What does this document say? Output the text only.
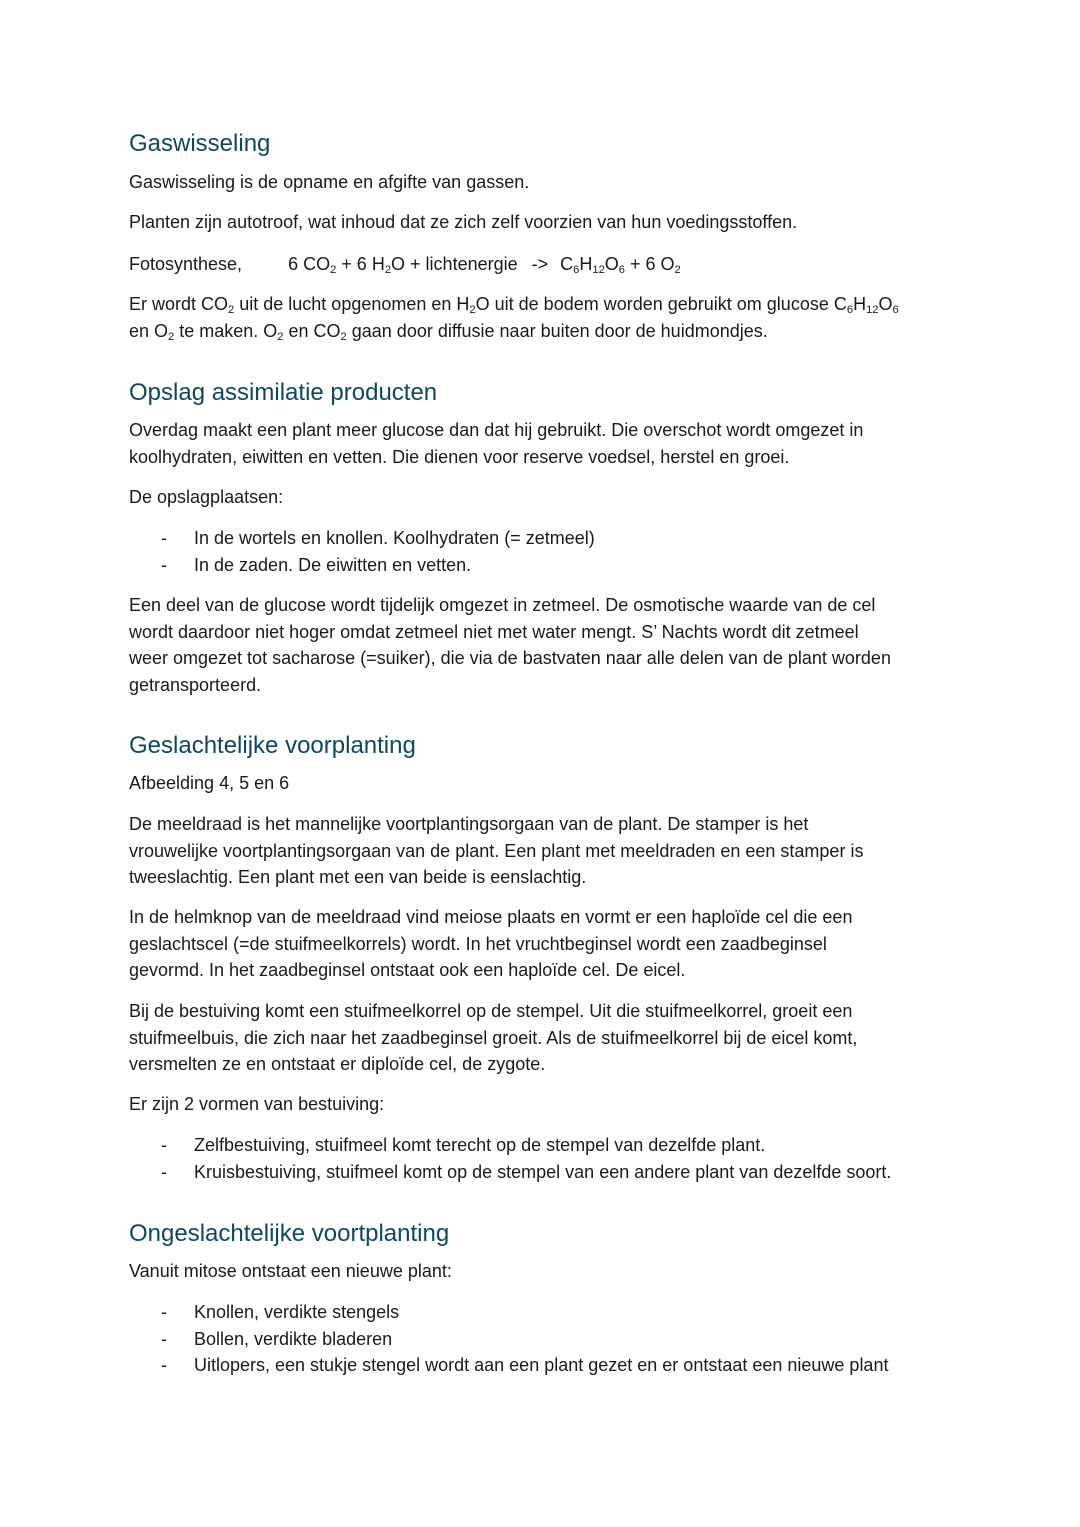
Gaswisseling

Gaswisseling is de opname en afgifte van gassen.

Planten zijn autotroof, wat inhoud dat ze zich zelf voorzien van hun voedingsstoffen.

Fotosynthese,	6 $CO_2 + 6$ $H_2O$ + lichtenergie -> $C_6H_{12}O_6 + 6$ $O_2$

Er wordt $CO_2$ uit de lucht opgenomen en $H_2O$ uit de bodem worden gebruikt om glucose $C_6H_{12}O_6$
en $O_2$ te maken. $O_2$ en $CO_2$ gaan door diffusie naar buiten door de huidmondjes.

Opslag assimilatie producten

Overdag maakt een plant meer glucose dan dat hij gebruikt. Die overschot wordt omgezet in
koolhydraten, eiwitten en vetten. Die dienen voor reserve voedsel, herstel en groei.

De opslagplaatsen:

- In de wortels en knollen. Koolhydraten (= zetmeel)
- In de zaden. De eiwitten en vetten.

Een deel van de glucose wordt tijdelijk omgezet in zetmeel. De osmotische waarde van de cel
wordt daardoor niet hoger omdat zetmeel niet met water mengt. S’ Nachts wordt dit zetmeel
weer omgezet tot sacharose (=suiker), die via de bastvaten naar alle delen van de plant worden
getransporteerd.

Geslachtelijke voorplanting

Afbeelding 4, 5 en 6

De meeldraad is het mannelijke voortplantingsorgaan van de plant. De stamper is het
vrouwelijke voortplantingsorgaan van de plant. Een plant met meeldraden en een stamper is
tweeslachtig. Een plant met een van beide is eenslachtig.

In de helmknop van de meeldraad vind meiose plaats en vormt er een haploïde cel die een
geslachtscel (=de stuifmeelkorrels) wordt. In het vruchtbeginsel wordt een zaadbeginsel
gevormd. In het zaadbeginsel ontstaat ook een haploïde cel. De eicel.

Bij de bestuiving komt een stuifmeelkorrel op de stempel. Uit die stuifmeelkorrel, groeit een
stuifmeelbuis, die zich naar het zaadbeginsel groeit. Als de stuifmeelkorrel bij de eicel komt,
versmelten ze en ontstaat er diploïde cel, de zygote.

Er zijn 2 vormen van bestuiving:

- Zelfbestuiving, stuifmeel komt terecht op de stempel van dezelfde plant.
- Kruisbestuiving, stuifmeel komt op de stempel van een andere plant van dezelfde soort.
Ongeslachtelijke voortplanting

Vanuit mitose ontstaat een nieuwe plant:

- Knollen, verdikte stengels
- Bollen, verdikte bladeren
- Uitlopers, een stukje stengel wordt aan een plant gezet en er ontstaat een nieuwe plant
